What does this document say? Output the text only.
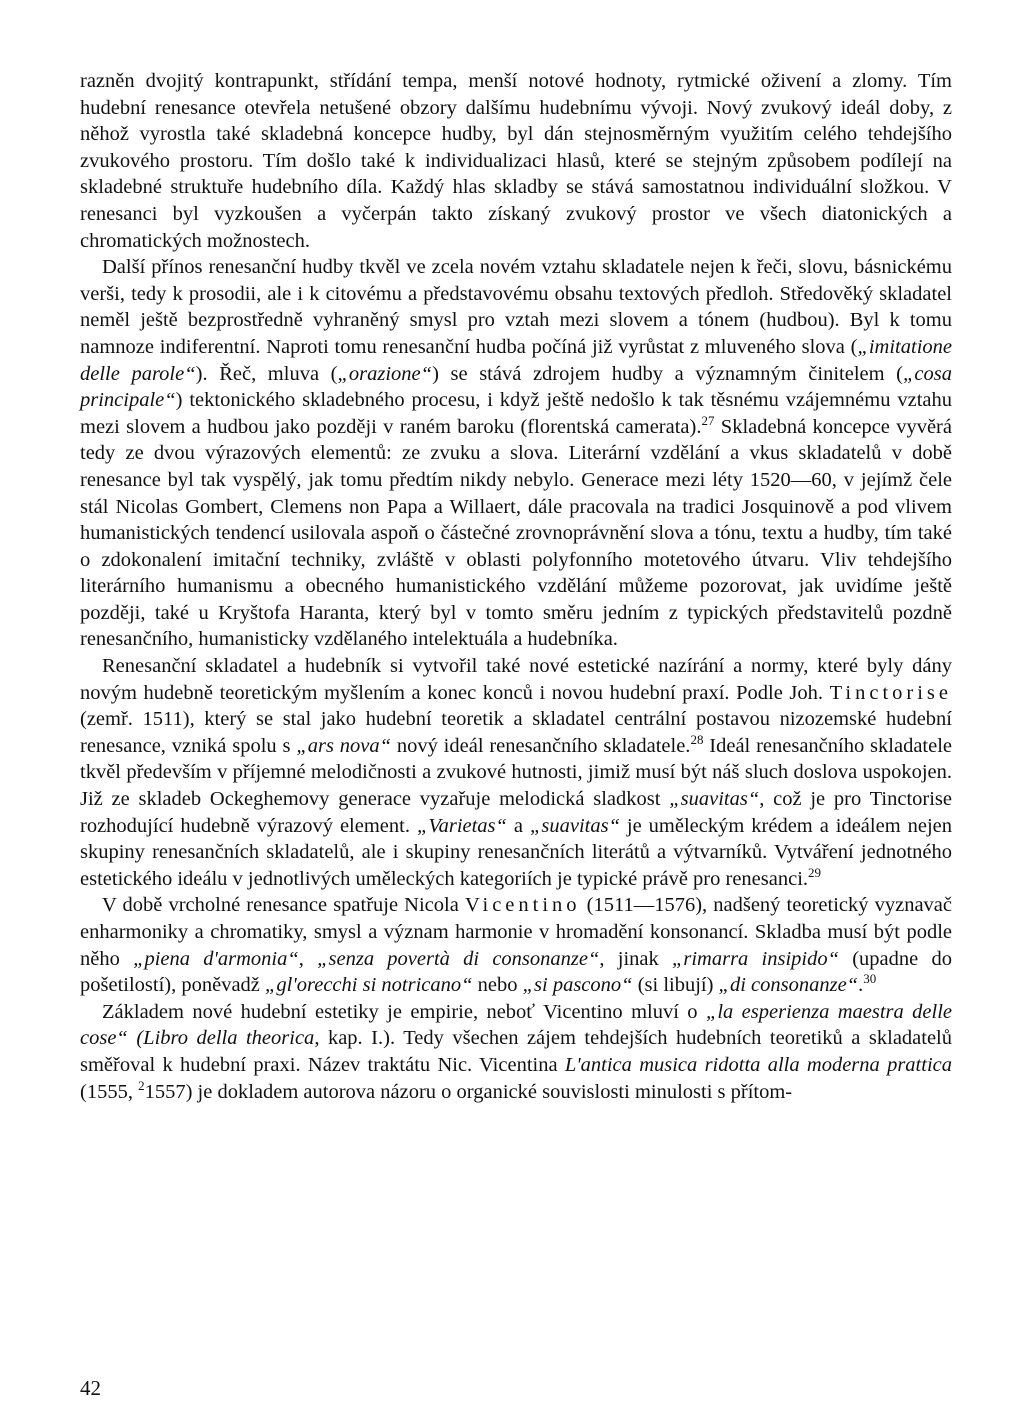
razněn dvojitý kontrapunkt, střídání tempa, menší notové hodnoty, rytmické oživení a zlomy. Tím hudební renesance otevřela netušené obzory dalšímu hudebnímu vývoji. Nový zvukový ideál doby, z něhož vyrostla také skladebná koncepce hudby, byl dán stejnosměrným využitím celého tehdejšího zvukového prostoru. Tím došlo také k individualizaci hlasů, které se stejným způsobem podílejí na skladebné struktuře hudebního díla. Každý hlas skladby se stává samostatnou individuální složkou. V renesanci byl vyzkoušen a vyčerpán takto získaný zvukový prostor ve všech diatonických a chromatických možnostech.

Další přínos renesanční hudby tkvěl ve zcela novém vztahu skladatele nejen k řeči, slovu, básnickému verši, tedy k prosodii, ale i k citovému a představovému obsahu textových předloh. Středověký skladatel neměl ještě bezprostředně vyhraněný smysl pro vztah mezi slovem a tónem (hudbou). Byl k tomu namnoze indiferentní. Naproti tomu renesanční hudba počíná již vyrůstat z mluveného slova („imitatione delle parole“). Řeč, mluva („orazione“) se stává zdrojem hudby a významným činitelem („cosa principale“) tektonického skladebného procesu, i když ještě nedošlo k tak těsnému vzájemnému vztahu mezi slovem a hudbou jako později v raném baroku (florentská camerata).$^{27}$ Skladebná koncepce vyvěrá tedy ze dvou výrazových elementů: ze zvuku a slova. Literární vzdělání a vkus skladatelů v době renesance byl tak vyspělý, jak tomu předtím nikdy nebylo. Generace mezi léty 1520—60, v jejímž čele stál Nicolas Gombert, Clemens non Papa a Willaert, dále pracovala na tradici Josquinově a pod vlivem humanistických tendencí usilovala aspoň o částečné zrovnoprávnění slova a tónu, textu a hudby, tím také o zdokonalení imitační techniky, zvláště v oblasti polyfonního motetového útvaru. Vliv tehdejšího literárního humanismu a obecného humanistického vzdělání můžeme pozorovat, jak uvidíme ještě později, také u Kryštofa Haranta, který byl v tomto směru jedním z typických představitelů pozdně renesančního, humanisticky vzdělaného intelektuála a hudebníka.

Renesanční skladatel a hudebník si vytvořil také nové estetické nazírání a normy, které byly dány novým hudebně teoretickým myšlením a konec konců i novou hudební praxí. Podle Joh. Tinctorise (zemř. 1511), který se stal jako hudební teoretik a skladatel centrální postavou nizozemské hudební renesance, vzniká spolu s „ars nova“ nový ideál renesančního skladatele.$^{28}$ Ideál renesančního skladatele tkvěl především v příjemné melodičnosti a zvukové hutnosti, jimiž musí být náš sluch doslova uspokojen. Již ze skladeb Ockeghemovy generace vyzařuje melodická sladkost „suavitas“, což je pro Tinctorise rozhodující hudebně výrazový element. „Varietas“ a „suavitas“ je uměleckým krédem a ideálem nejen skupiny renesančních skladatelů, ale i skupiny renesančních literátů a výtvarníků. Vytváření jednotného estetického ideálu v jednotlivých uměleckých kategoriích je typické právě pro renesanci.$^{29}$

V době vrcholné renesance spatřuje Nicola Vicentino (1511—1576), nadšený teoretický vyznavač enharmoniky a chromatiky, smysl a význam harmonie v hromadění konsonancí. Skladba musí být podle něho „piena d'armonia“, „senza povertà di consonanze“, jinak „rimarra insipido“ (upadne do pošetilostí), poněvadž „gl'orecchi si notricano“ nebo „si pascono“ (si libují) „di consonanze“.$^{30}$

Základem nové hudební estetiky je empirie, neboť Vicentino mluví o „la esperienza maestra delle cose“ (Libro della theorica, kap. I.). Tedy všechen zájem tehdejších hudebních teoretiků a skladatelů směřoval k hudební praxi. Název traktátu Nic. Vicentina L'antica musica ridotta alla moderna prattica (1555, $^2$1557) je dokladem autorova názoru o organické souvislosti minulosti s přítom-

42
